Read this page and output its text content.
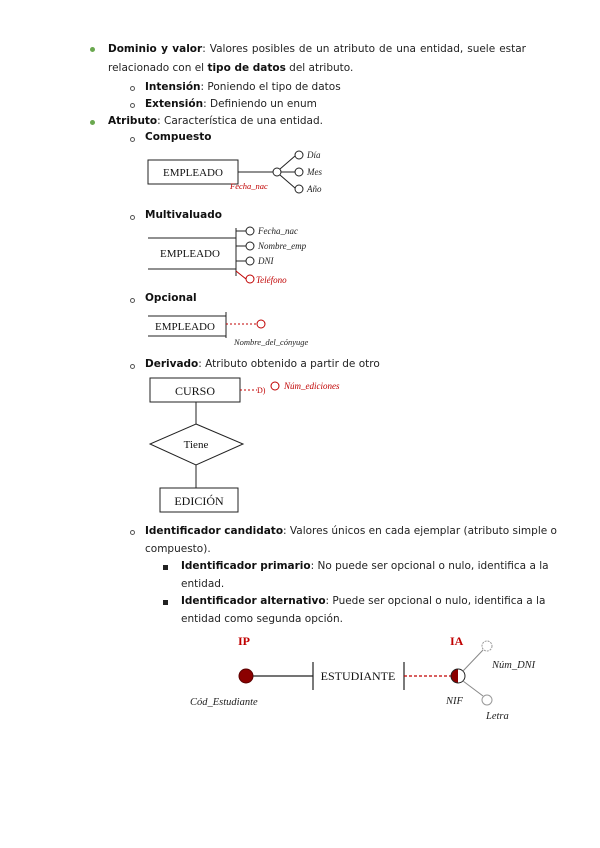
Dominio y valor: Valores posibles de un atributo de una entidad, suele estar
relacionado con el tipo de datos del atributo.
Intensión: Poniendo el tipo de datos
Extensión: Definiendo un enum
Atributo: Característica de una entidad.
Compuesto
EMPLEADO
Día
Mes
Año
Fecha_nac
Multivaluado
EMPLEADO
Fecha_nac
Nombre_emp
DNI
Teléfono
Opcional
EMPLEADO
Nombre_del_cónyuge
Derivado: Atributo obtenido a partir de otro
CURSO	D) Núm_ediciones
Tiene
EDICIÓN
Identificador candidato: Valores únicos en cada ejemplar (atributo simple o
compuesto).
Identificador primario: No puede ser opcional o nulo, identifica a la
entidad.
Identificador alternativo: Puede ser opcional o nulo, identifica a la
entidad como segunda opción.
IP	IA
ESTUDIANTE
Núm_DNI
Letra
NIF
Cód_Estudiante
